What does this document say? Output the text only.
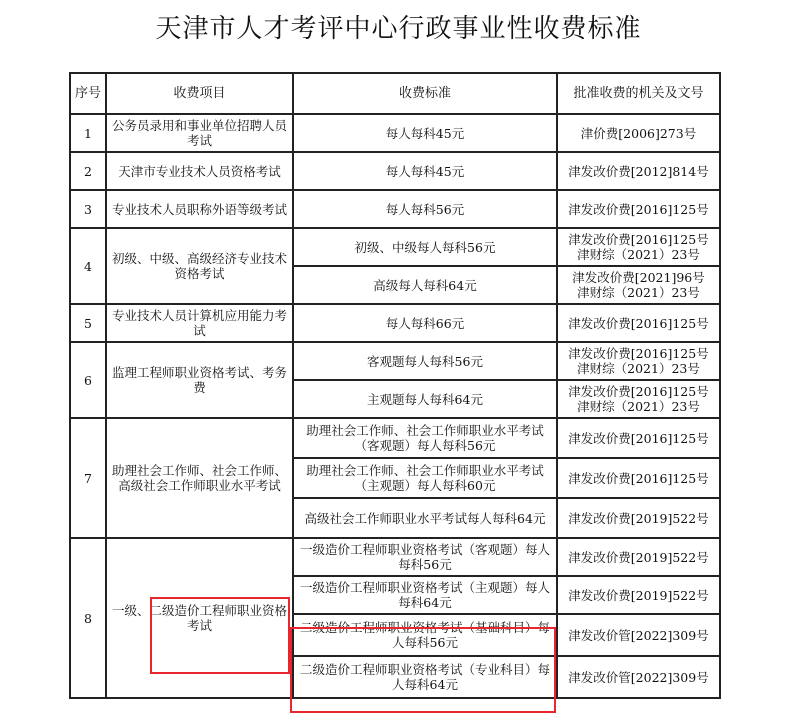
天津市人才考评中心行政事业性收费标准
序号	收费项目	收费标准	批准收费的机关及文号
1	公务员录用和事业单位招聘人员考试	每人每科45元	津价费[2006]273号
2	天津市专业技术人员资格考试	每人每科45元	津发改价费[2012]814号
3	专业技术人员职称外语等级考试	每人每科56元	津发改价费[2016]125号
4	初级、中级、高级经济专业技术资格考试	初级、中级每人每科56元	津发改价费[2016]125号
津财综（2021）23号
		高级每人每科64元	津发改价费[2021]96号
津财综（2021）23号
5	专业技术人员计算机应用能力考试	每人每科66元	津发改价费[2016]125号
6	监理工程师职业资格考试、考务费	客观题每人每科56元	津发改价费[2016]125号
津财综（2021）23号
		主观题每人每科64元	津发改价费[2016]125号
津财综（2021）23号
7	助理社会工作师、社会工作师、高级社会工作师职业水平考试	助理社会工作师、社会工作师职业水平考试（客观题）每人每科56元	津发改价费[2016]125号
		助理社会工作师、社会工作师职业水平考试（主观题）每人每科60元	津发改价费[2016]125号
		高级社会工作师职业水平考试每人每科64元	津发改价费[2019]522号
8	一级、二级造价工程师职业资格考试	一级造价工程师职业资格考试（客观题）每人每科56元	津发改价费[2019]522号
		一级造价工程师职业资格考试（主观题）每人每科64元	津发改价费[2019]522号
		二级造价工程师职业资格考试（基础科目）每人每科56元	津发改价管[2022]309号
		二级造价工程师职业资格考试（专业科目）每人每科64元	津发改价管[2022]309号
